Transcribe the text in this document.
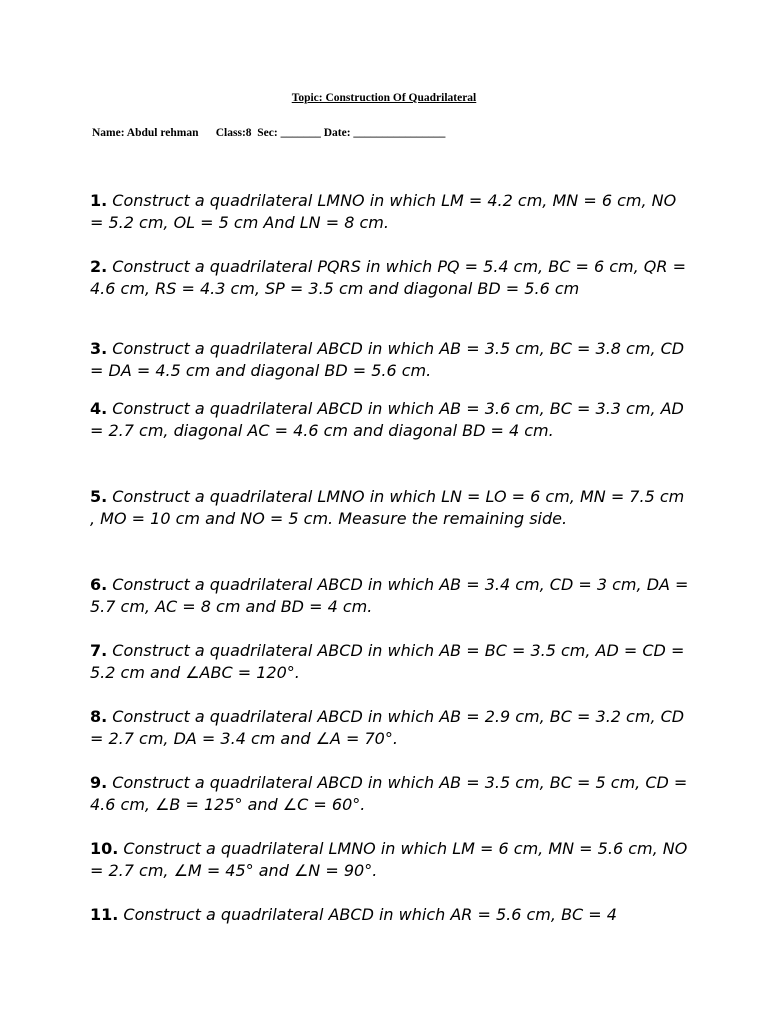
Topic: Construction Of Quadrilateral
Name: Abdul rehman Class:8 Sec: _______ Date: ________________

1. Construct a quadrilateral LMNO in which LM = 4.2 cm, MN = 6 cm, NO = 5.2 cm, OL = 5 cm And LN = 8 cm.

2. Construct a quadrilateral PQRS in which PQ = 5.4 cm, BC = 6 cm, QR = 4.6 cm, RS = 4.3 cm, SP = 3.5 cm and diagonal BD = 5.6 cm

3. Construct a quadrilateral ABCD in which AB = 3.5 cm, BC = 3.8 cm, CD = DA = 4.5 cm and diagonal BD = 5.6 cm.

4. Construct a quadrilateral ABCD in which AB = 3.6 cm, BC = 3.3 cm, AD = 2.7 cm, diagonal AC = 4.6 cm and diagonal BD = 4 cm.

5. Construct a quadrilateral LMNO in which LN = LO = 6 cm, MN = 7.5 cm , MO = 10 cm and NO = 5 cm. Measure the remaining side.

6. Construct a quadrilateral ABCD in which AB = 3.4 cm, CD = 3 cm, DA = 5.7 cm, AC = 8 cm and BD = 4 cm.

7. Construct a quadrilateral ABCD in which AB = BC = 3.5 cm, AD = CD = 5.2 cm and ∠ABC = 120°.

8. Construct a quadrilateral ABCD in which AB = 2.9 cm, BC = 3.2 cm, CD = 2.7 cm, DA = 3.4 cm and ∠A = 70°.

9. Construct a quadrilateral ABCD in which AB = 3.5 cm, BC = 5 cm, CD = 4.6 cm, ∠B = 125° and ∠C = 60°.

10. Construct a quadrilateral LMNO in which LM = 6 cm, MN = 5.6 cm, NO = 2.7 cm, ∠M = 45° and ∠N = 90°.

11. Construct a quadrilateral ABCD in which AR = 5.6 cm, BC = 4
